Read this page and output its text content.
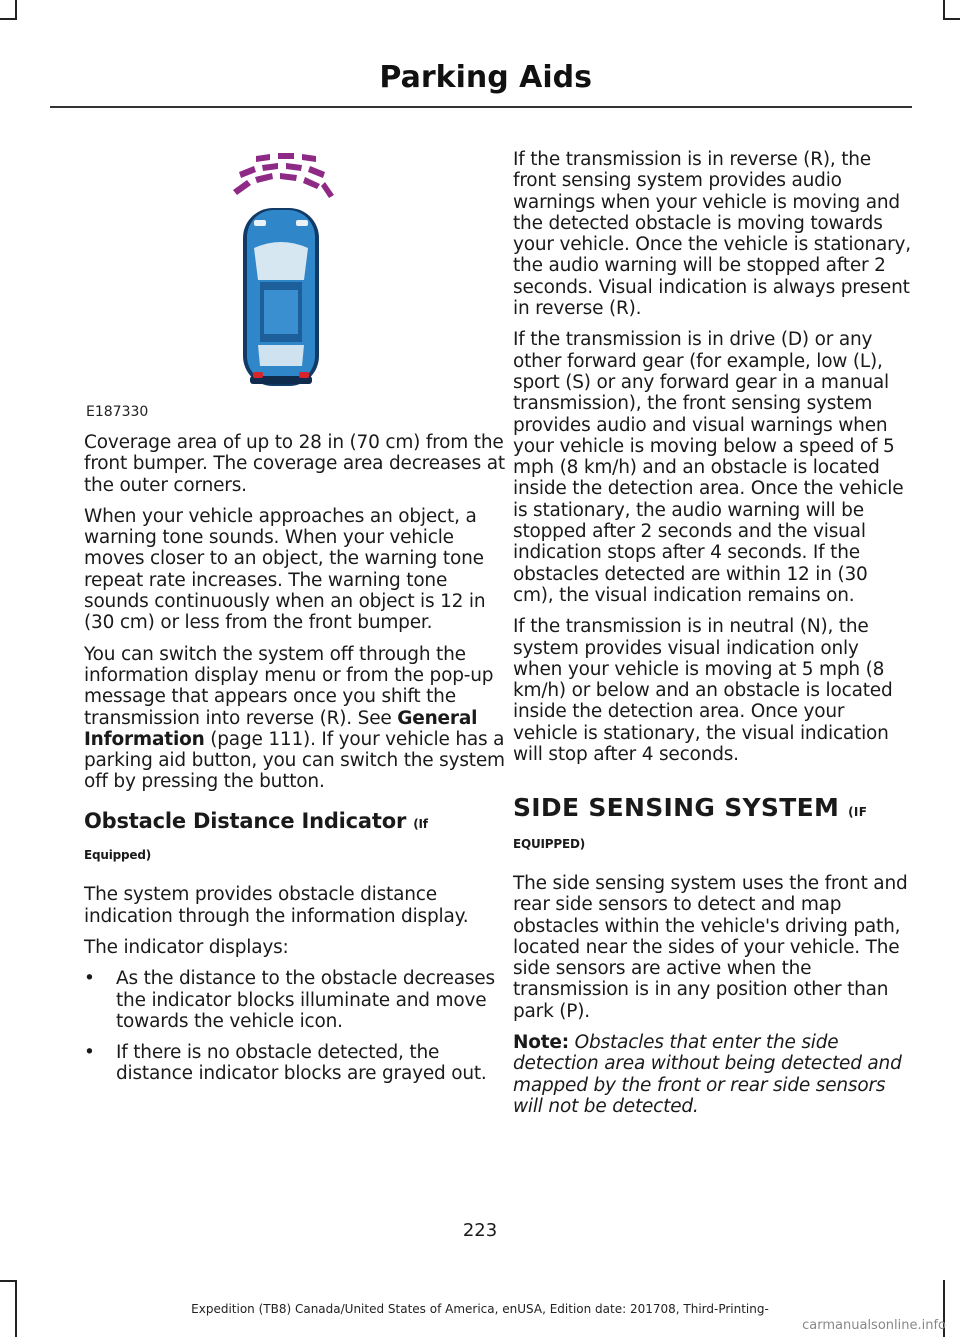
Parking Aids
E187330

Coverage area of up to 28 in (70 cm) from the front bumper. The coverage area decreases at the outer corners.

When your vehicle approaches an object, a warning tone sounds. When your vehicle moves closer to an object, the warning tone repeat rate increases. The warning tone sounds continuously when an object is 12 in (30 cm) or less from the front bumper.

You can switch the system off through the information display menu or from the pop-up message that appears once you shift the transmission into reverse (R). See General Information (page 111). If your vehicle has a parking aid button, you can switch the system off by pressing the button.

Obstacle Distance Indicator (If
Equipped)

The system provides obstacle distance indication through the information display.

The indicator displays:

• As the distance to the obstacle decreases the indicator blocks illuminate and move towards the vehicle icon.
• If there is no obstacle detected, the distance indicator blocks are grayed out.

If the transmission is in reverse (R), the front sensing system provides audio warnings when your vehicle is moving and the detected obstacle is moving towards your vehicle. Once the vehicle is stationary, the audio warning will be stopped after 2 seconds. Visual indication is always present in reverse (R).

If the transmission is in drive (D) or any other forward gear (for example, low (L), sport (S) or any forward gear in a manual transmission), the front sensing system provides audio and visual warnings when your vehicle is moving below a speed of 5 mph (8 km/h) and an obstacle is located inside the detection area. Once the vehicle is stationary, the audio warning will be stopped after 2 seconds and the visual indication stops after 4 seconds. If the obstacles detected are within 12 in (30 cm), the visual indication remains on.

If the transmission is in neutral (N), the system provides visual indication only when your vehicle is moving at 5 mph (8 km/h) or below and an obstacle is located inside the detection area. Once your vehicle is stationary, the visual indication will stop after 4 seconds.

SIDE SENSING SYSTEM (IF
EQUIPPED)

The side sensing system uses the front and rear side sensors to detect and map obstacles within the vehicle's driving path, located near the sides of your vehicle. The side sensors are active when the transmission is in any position other than park (P).

Note: Obstacles that enter the side detection area without being detected and mapped by the front or rear side sensors will not be detected.

223
Expedition (TB8) Canada/United States of America, enUSA, Edition date: 201708, Third-Printing-
carmanualsonline.info
